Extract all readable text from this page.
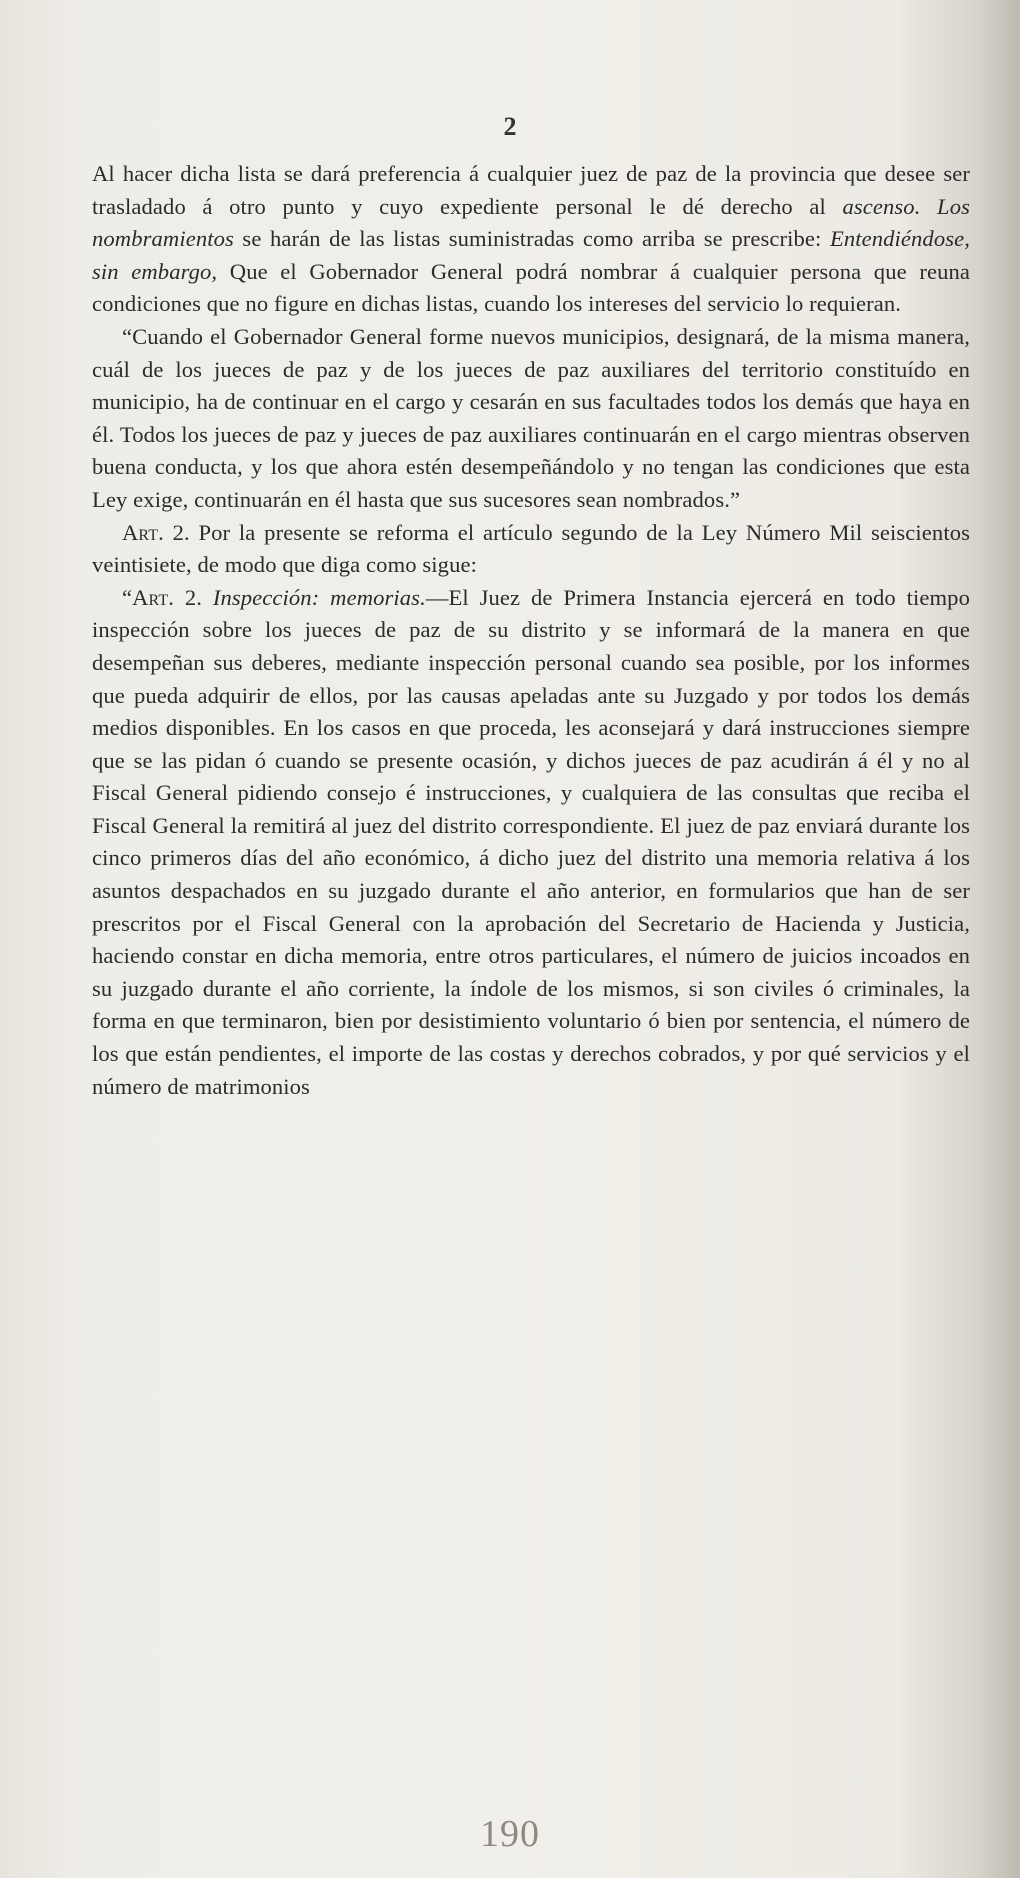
2

Al hacer dicha lista se dará preferencia á cualquier juez de paz de la provincia que desee ser trasladado á otro punto y cuyo expediente personal le dé derecho al ascenso. Los nombramientos se harán de las listas suministradas como arriba se prescribe: Entendiéndose, sin embargo, Que el Gobernador General podrá nombrar á cualquier persona que reuna condiciones que no figure en dichas listas, cuando los intereses del servicio lo requieran.

“Cuando el Gobernador General forme nuevos municipios, designará, de la misma manera, cuál de los jueces de paz y de los jueces de paz auxiliares del territorio constituído en municipio, ha de continuar en el cargo y cesarán en sus facultades todos los demás que haya en él. Todos los jueces de paz y jueces de paz auxiliares continuarán en el cargo mientras observen buena conducta, y los que ahora estén desempeñándolo y no tengan las condiciones que esta Ley exige, continuarán en él hasta que sus sucesores sean nombrados.”

Art. 2. Por la presente se reforma el artículo segundo de la Ley Número Mil seiscientos veintisiete, de modo que diga como sigue:

“Art. 2. Inspección: memorias.—El Juez de Primera Instancia ejercerá en todo tiempo inspección sobre los jueces de paz de su distrito y se informará de la manera en que desempeñan sus deberes, mediante inspección personal cuando sea posible, por los informes que pueda adquirir de ellos, por las causas apeladas ante su Juzgado y por todos los demás medios disponibles. En los casos en que proceda, les aconsejará y dará instrucciones siempre que se las pidan ó cuando se presente ocasión, y dichos jueces de paz acudirán á él y no al Fiscal General pidiendo consejo é instrucciones, y cualquiera de las consultas que reciba el Fiscal General la remitirá al juez del distrito correspondiente. El juez de paz enviará durante los cinco primeros días del año económico, á dicho juez del distrito una memoria relativa á los asuntos despachados en su juzgado durante el año anterior, en formularios que han de ser prescritos por el Fiscal General con la aprobación del Secretario de Hacienda y Justicia, haciendo constar en dicha memoria, entre otros particulares, el número de juicios incoados en su juzgado durante el año corriente, la índole de los mismos, si son civiles ó criminales, la forma en que terminaron, bien por desistimiento voluntario ó bien por sentencia, el número de los que están pendientes, el importe de las costas y derechos cobrados, y por qué servicios y el número de matrimonios

190
